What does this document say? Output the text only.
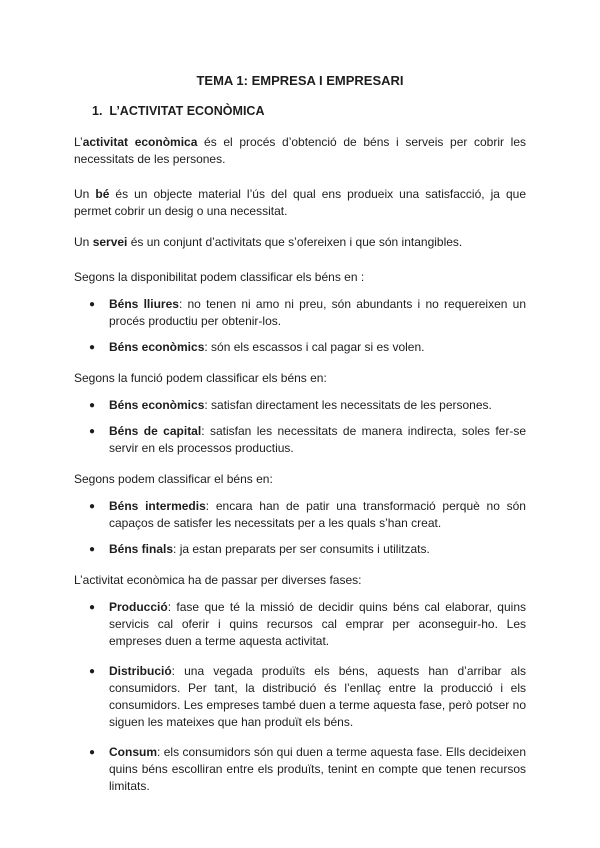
TEMA 1: EMPRESA I EMPRESARI
1. L’ACTIVITAT ECONÒMICA

L’activitat econòmica és el procés d’obtenció de béns i serveis per cobrir les necessitats de les persones.

Un bé és un objecte material l’ús del qual ens produeix una satisfacció, ja que permet cobrir un desig o una necessitat.

Un servei és un conjunt d’activitats que s’ofereixen i que són intangibles.

Segons la disponibilitat podem classificar els béns en :

● Béns lliures: no tenen ni amo ni preu, són abundants i no requereixen un procés productiu per obtenir-los.
● Béns econòmics: són els escassos i cal pagar si es volen.

Segons la funció podem classificar els béns en:

● Béns econòmics: satisfan directament les necessitats de les persones.
● Béns de capital: satisfan les necessitats de manera indirecta, soles fer-se servir en els processos productius.

Segons podem classificar el béns en:

● Béns intermedis: encara han de patir una transformació perquè no són capaços de satisfer les necessitats per a les quals s’han creat.
● Béns finals: ja estan preparats per ser consumits i utilitzats.

L’activitat econòmica ha de passar per diverses fases:

● Producció: fase que té la missió de decidir quins béns cal elaborar, quins servicis cal oferir i quins recursos cal emprar per aconseguir-ho. Les empreses duen a terme aquesta activitat.
● Distribució: una vegada produïts els béns, aquests han d’arribar als consumidors. Per tant, la distribució és l’enllaç entre la producció i els consumidors. Les empreses també duen a terme aquesta fase, però potser no siguen les mateixes que han produït els béns.
● Consum: els consumidors són qui duen a terme aquesta fase. Ells decideixen quins béns escolliran entre els produïts, tenint en compte que tenen recursos limitats.
